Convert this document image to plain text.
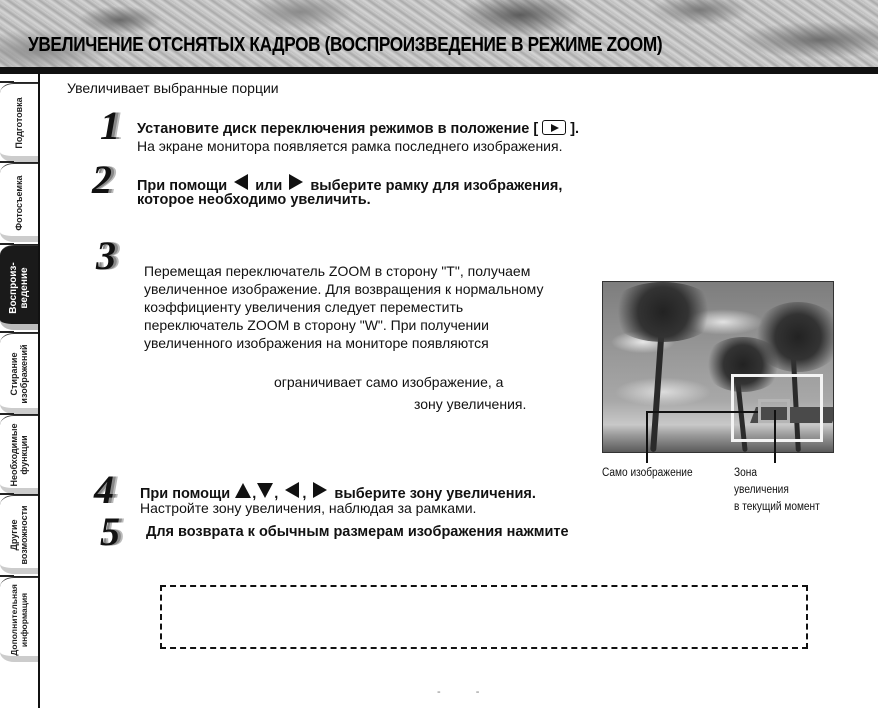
УВЕЛИЧЕНИЕ ОТСНЯТЫХ КАДРОВ (ВОСПРОИЗВЕДЕНИЕ В РЕЖИМЕ ZOOM)
Подготовка
Фотосъемка
Воспроиз- ведение
Стирание изображений
Необходимые функции
Другие возможности
Дополнительная информация
Увеличивает выбранные порции
1 Установите диск переключения режимов в положение [ ].
На экране монитора появляется рамка последнего изображения.
2 При помощи или выберите рамку для изображения,
которое необходимо увеличить.
3 Перемещая переключатель ZOOM в сторону "T", получаем
увеличенное изображение. Для возвращения к нормальному
коэффициенту увеличения следует переместить
переключатель ZOOM в сторону "W". При получении
увеличенного изображения на мониторе появляются
ограничивает само изображение, а
зону увеличения.
Само изображение	Зона
увеличения
в текущий момент
4 При помощи , , , выберите зону увеличения.
Настройте зону увеличения, наблюдая за рамками.
5 Для возврата к обычным размерам изображения нажмите
- -
